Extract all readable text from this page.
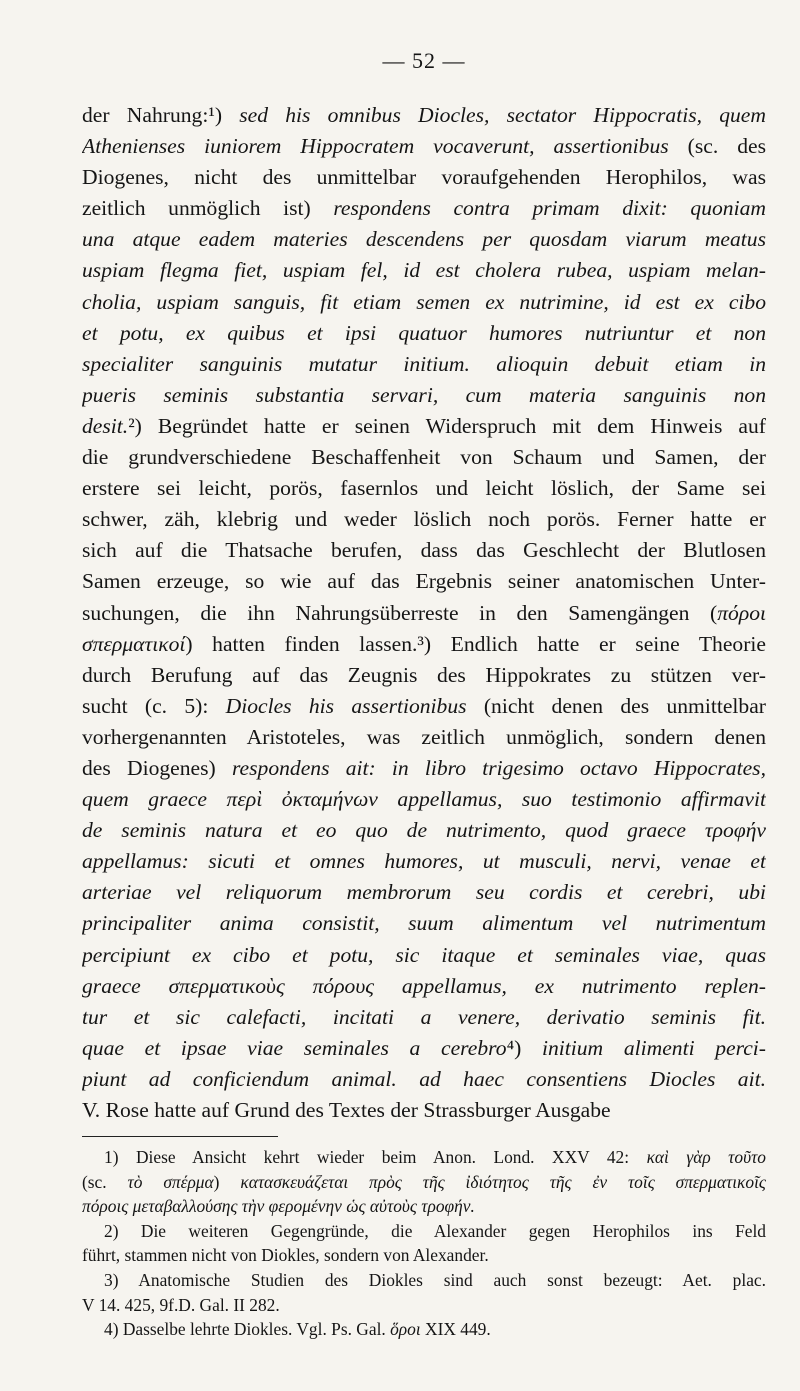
— 52 —
der Nahrung:¹) sed his omnibus Diocles, sectator Hippocratis, quem
Athenienses iuniorem Hippocratem vocaverunt, assertionibus (sc. des
Diogenes, nicht des unmittelbar voraufgehenden Herophilos, was
zeitlich unmöglich ist) respondens contra primam dixit: quoniam
una atque eadem materies descendens per quosdam viarum meatus
uspiam flegma fiet, uspiam fel, id est cholera rubea, uspiam melan-
cholia, uspiam sanguis, fit etiam semen ex nutrimine, id est ex cibo
et potu, ex quibus et ipsi quatuor humores nutriuntur et non
specialiter sanguinis mutatur initium. alioquin debuit etiam in
pueris seminis substantia servari, cum materia sanguinis non
desit.²) Begründet hatte er seinen Widerspruch mit dem Hinweis auf
die grundverschiedene Beschaffenheit von Schaum und Samen, der
erstere sei leicht, porös, fasernlos und leicht löslich, der Same sei
schwer, zäh, klebrig und weder löslich noch porös. Ferner hatte er
sich auf die Thatsache berufen, dass das Geschlecht der Blutlosen
Samen erzeuge, so wie auf das Ergebnis seiner anatomischen Unter-
suchungen, die ihn Nahrungsüberreste in den Samengängen (πόροι
σπερματικοί) hatten finden lassen.³) Endlich hatte er seine Theorie
durch Berufung auf das Zeugnis des Hippokrates zu stützen ver-
sucht (c. 5): Diocles his assertionibus (nicht denen des unmittelbar
vorhergenannten Aristoteles, was zeitlich unmöglich, sondern denen
des Diogenes) respondens ait: in libro trigesimo octavo Hippocrates,
quem graece περὶ ὀκταμήνων appellamus, suo testimonio affirmavit
de seminis natura et eo quo de nutrimento, quod graece τροφήν
appellamus: sicuti et omnes humores, ut musculi, nervi, venae et
arteriae vel reliquorum membrorum seu cordis et cerebri, ubi
principaliter anima consistit, suum alimentum vel nutrimentum
percipiunt ex cibo et potu, sic itaque et seminales viae, quas
graece σπερματικοὺς πόρους appellamus, ex nutrimento replen-
tur et sic calefacti, incitati a venere, derivatio seminis fit.
quae et ipsae viae seminales a cerebro⁴) initium alimenti perci-
piunt ad conficiendum animal. ad haec consentiens Diocles ait.
V. Rose hatte auf Grund des Textes der Strassburger Ausgabe
1) Diese Ansicht kehrt wieder beim Anon. Lond. XXV 42: καὶ γὰρ τοῦτο
(sc. τὸ σπέρμα) κατασκευάζεται πρὸς τῆς ἰδιότητος τῆς ἐν τοῖς σπερματικοῖς
πόροις μεταβαλλούσης τὴν φερομένην ὡς αὐτοὺς τροφήν.
2) Die weiteren Gegengründe, die Alexander gegen Herophilos ins Feld
führt, stammen nicht von Diokles, sondern von Alexander.
3) Anatomische Studien des Diokles sind auch sonst bezeugt: Aet. plac.
V 14. 425, 9f.D. Gal. II 282.
4) Dasselbe lehrte Diokles. Vgl. Ps. Gal. ὅροι XIX 449.
